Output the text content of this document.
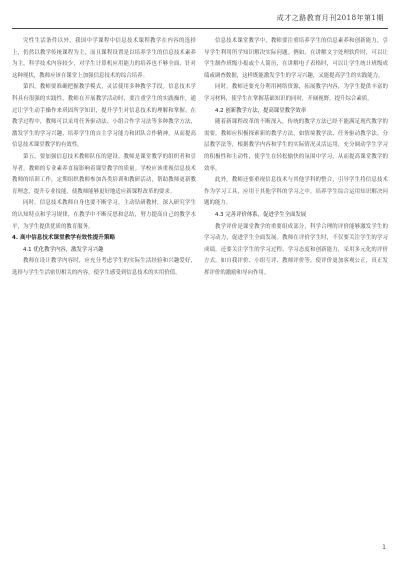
成才之路教育月刊2018年第1期

究性生活条件以外，我国中学课程中信息技术课程教学在内容的选择上，仍然以教学传统课程为主，而且课程设置是以培养学生的信息技术素养为主，科学技术内容较少，对学生计算机应用能力的培养也不够全面，针对这种现状，教师应该在课堂上加强信息技术的综合培养。

第四，教师要准确把握教学模式，灵活使用多种教学手段。信息技术学科具有很强的实践性，教师在开展教学活动时，要注重学生的实践操作，通过让学生动手操作来巩固所学知识，提升学生对信息技术的理解和掌握。在教学过程中，教师可以采用任务驱动法、小组合作学习法等多种教学方法，激发学生的学习兴趣，培养学生的自主学习能力和团队合作精神，从而提高信息技术课堂教学的有效性。

第五，要加强信息技术教师队伍的建设。教师是课堂教学的组织者和引导者，教师的专业素养直接影响着课堂教学的质量。学校应该重视信息技术教师的培训工作，定期组织教师参加各类培训和教研活动，帮助教师更新教育理念，提升专业技能，使教师能够更好地适应新课程改革的要求。

同时，信息技术教师自身也要不断学习，主动钻研教材，深入研究学生的认知特点和学习规律，在教学中不断反思和总结，努力提高自己的教学水平，为学生提供优质的教育服务。

4. 高中信息技术课堂教学有效性提升策略

4.1 优化教学内容，激发学习兴趣

教师在设计教学内容时，应充分考虑学生的实际生活经验和兴趣爱好，选择与学生生活密切相关的内容，使学生感受到信息技术的实用价值。

信息技术课堂教学中，教师要注重培养学生的信息素养和创新能力，引导学生利用所学知识解决实际问题。例如，在讲解文字处理软件时，可以让学生制作班级小报或个人简历，在讲解电子表格时，可以让学生统计班级成绩或调查数据，这样既能激发学生的学习兴趣，又能提高学生的实践能力。

同时，教师还要充分利用网络资源，拓展教学内容，为学生提供丰富的学习材料，使学生在掌握基础知识的同时，开阔视野，提升综合素质。

4.2 创新教学方法，提高课堂教学效率

随着新课程改革的不断深入，传统的教学方法已经不能满足现代教学的需要。教师应积极探索新的教学方法，如情境教学法、任务驱动教学法、分层教学法等，根据教学内容和学生的实际情况灵活运用，充分调动学生学习的积极性和主动性，使学生在轻松愉快的氛围中学习，从而提高课堂教学的效率。

此外，教师还要重视信息技术与其他学科的整合，引导学生将信息技术作为学习工具，应用于其他学科的学习之中，培养学生综合运用知识解决问题的能力。

4.3 完善评价体系，促进学生全面发展

教学评价是课堂教学的重要组成部分，科学合理的评价能够激发学生的学习动力，促进学生全面发展。教师在评价学生时，不仅要关注学生的学习成绩，还要关注学生的学习过程、学习态度和创新能力，采用多元化的评价方式，如自我评价、小组互评、教师评价等，使评价更加客观公正，真正发挥评价的激励和导向作用。

1
